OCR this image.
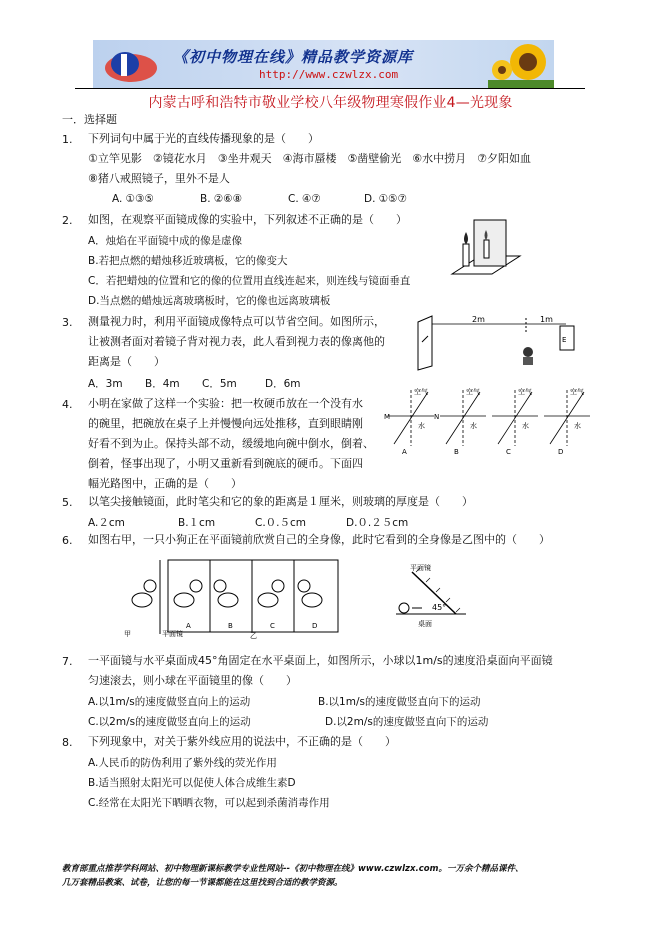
《初中物理在线》精品教学资源库
http://www.czwlzx.com
内蒙古呼和浩特市敬业学校八年级物理寒假作业4—光现象
一．选择题
1. 下列词句中属于光的直线传播现象的是（　　）
①立竿见影　②镜花水月　③坐井观天　④海市蜃楼　⑤凿壁偷光　⑥水中捞月　⑦夕阳如血
⑧猪八戒照镜子，里外不是人
A. ①③⑤	B. ②⑥⑧	C. ④⑦	D. ①⑤⑦
2. 如图，在观察平面镜成像的实验中，下列叙述不正确的是（　　）
A．烛焰在平面镜中成的像是虚像
B.若把点燃的蜡烛移近玻璃板，它的像变大
C．若把蜡烛的位置和它的像的位置用直线连起来，则连线与镜面垂直
D.当点燃的蜡烛远离玻璃板时，它的像也远离玻璃板
3. 测量视力时，利用平面镜成像特点可以节省空间。如图所示，
让被测者面对着镜子背对视力表，此人看到视力表的像离他的
距离是（　　）
A．3m B．4m C．5m	D．6m
2m	1m
E
4. 小明在家做了这样一个实验：把一枚硬币放在一个没有水
的碗里，把碗放在桌子上并慢慢向远处推移，直到眼睛刚
好看不到为止。保持头部不动，缓缓地向碗中倒水，倒着、
倒着，怪事出现了，小明又重新看到碗底的硬币。下面四
幅光路图中，正确的是（　　）
空气
水
空气
水
空气
水
空气
水
M	N
A	B	C	D
5. 以笔尖接触镜面，此时笔尖和它的象的距离是１厘米，则玻璃的厚度是（　　）
A.２cm	B.１cm	C.０.５cm	D.０.２５cm
6. 如图右甲，一只小狗正在平面镜前欣赏自己的全身像，此时它看到的全身像是乙图中的（　　）
A	B	C	D
甲	平面镜	乙
平面镜
45°
桌面
7. 一平面镜与水平桌面成45°角固定在水平桌面上，如图所示，小球以1m/s的速度沿桌面向平面镜
匀速滚去，则小球在平面镜里的像（　　）
A.以1m/s的速度做竖直向上的运动	B.以1m/s的速度做竖直向下的运动
C.以2m/s的速度做竖直向上的运动	D.以2m/s的速度做竖直向下的运动
8. 下列现象中，对关于紫外线应用的说法中，不正确的是（　　）
A.人民币的防伪利用了紫外线的荧光作用
B.适当照射太阳光可以促使人体合成维生素D
C.经常在太阳光下晒晒衣物，可以起到杀菌消毒作用
教育部重点推荐学科网站、初中物理新课标教学专业性网站--《初中物理在线》www.czwlzx.com。一万余个精品课件、
几万套精品教案、试卷，让您的每一节课都能在这里找到合适的教学资源。
